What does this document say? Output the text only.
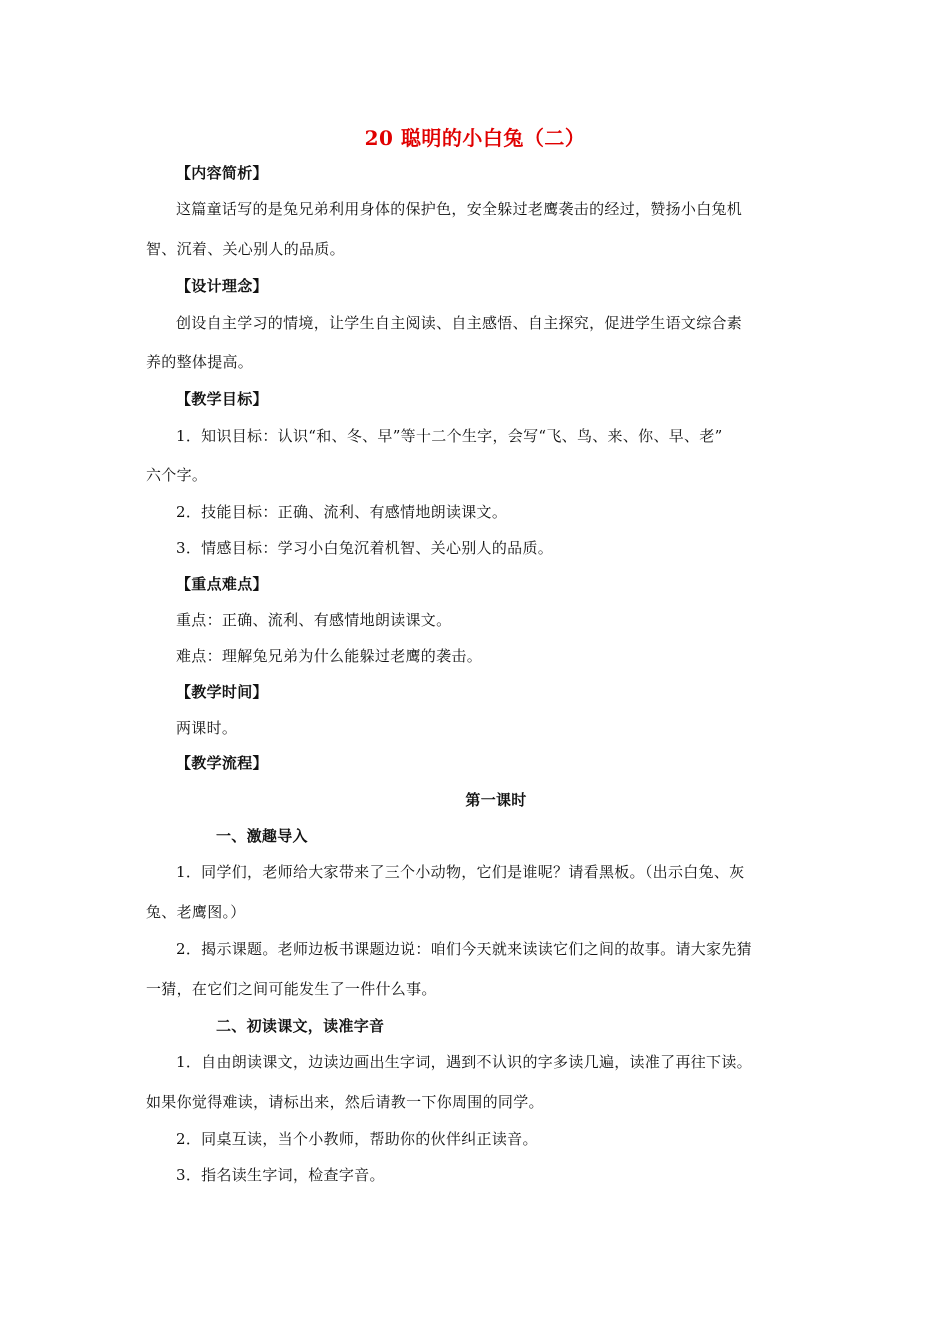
20 聪明的小白兔（二）
【内容简析】
这篇童话写的是兔兄弟利用身体的保护色，安全躲过老鹰袭击的经过，赞扬小白兔机
智、沉着、关心别人的品质。
【设计理念】
创设自主学习的情境，让学生自主阅读、自主感悟、自主探究，促进学生语文综合素
养的整体提高。
【教学目标】
1．知识目标：认识“和、冬、早”等十二个生字，会写“飞、鸟、来、你、早、老”
六个字。
2．技能目标：正确、流利、有感情地朗读课文。
3．情感目标：学习小白兔沉着机智、关心别人的品质。
【重点难点】
重点：正确、流利、有感情地朗读课文。
难点：理解兔兄弟为什么能躲过老鹰的袭击。
【教学时间】
两课时。
【教学流程】
第一课时
一、激趣导入
1．同学们，老师给大家带来了三个小动物，它们是谁呢？请看黑板。（出示白兔、灰
兔、老鹰图。）
2．揭示课题。老师边板书课题边说：咱们今天就来读读它们之间的故事。请大家先猜
一猜，在它们之间可能发生了一件什么事。
二、初读课文，读准字音
1．自由朗读课文，边读边画出生字词，遇到不认识的字多读几遍，读准了再往下读。
如果你觉得难读，请标出来，然后请教一下你周围的同学。
2．同桌互读，当个小教师，帮助你的伙伴纠正读音。
3．指名读生字词，检查字音。
